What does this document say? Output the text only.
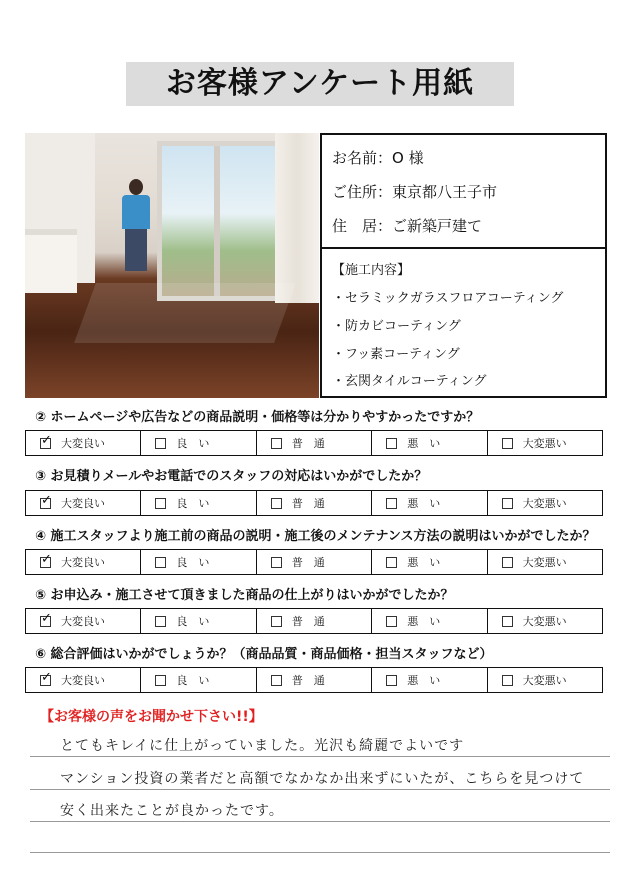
お客様アンケート用紙
お名前：O 様
ご住所：東京都八王子市
住　居：ご新築戸建て
【施工内容】
・セラミックガラスフロアコーティング
・防カビコーティング
・フッ素コーティング
・玄関タイルコーティング
② ホームページや広告などの商品説明・価格等は分かりやすかったですか？
✓
大変良い	良　い	普　通	悪　い	大変悪い
③ お見積りメールやお電話でのスタッフの対応はいかがでしたか？
✓
大変良い	良　い	普　通	悪　い	大変悪い
④ 施工スタッフより施工前の商品の説明・施工後のメンテナンス方法の説明はいかがでしたか？
✓
大変良い	良　い	普　通	悪　い	大変悪い
⑤ お申込み・施工させて頂きました商品の仕上がりはいかがでしたか？
✓
大変良い	良　い	普　通	悪　い	大変悪い
⑥ 総合評価はいかがでしょうか？（商品品質・商品価格・担当スタッフなど）
✓
大変良い	良　い	普　通	悪　い	大変悪い
【お客様の声をお聞かせ下さい!!】
とてもキレイに仕上がっていました。光沢も綺麗でよいです
マンション投資の業者だと高額でなかなか出来ずにいたが、こちらを見つけて
安く出来たことが良かったです。
